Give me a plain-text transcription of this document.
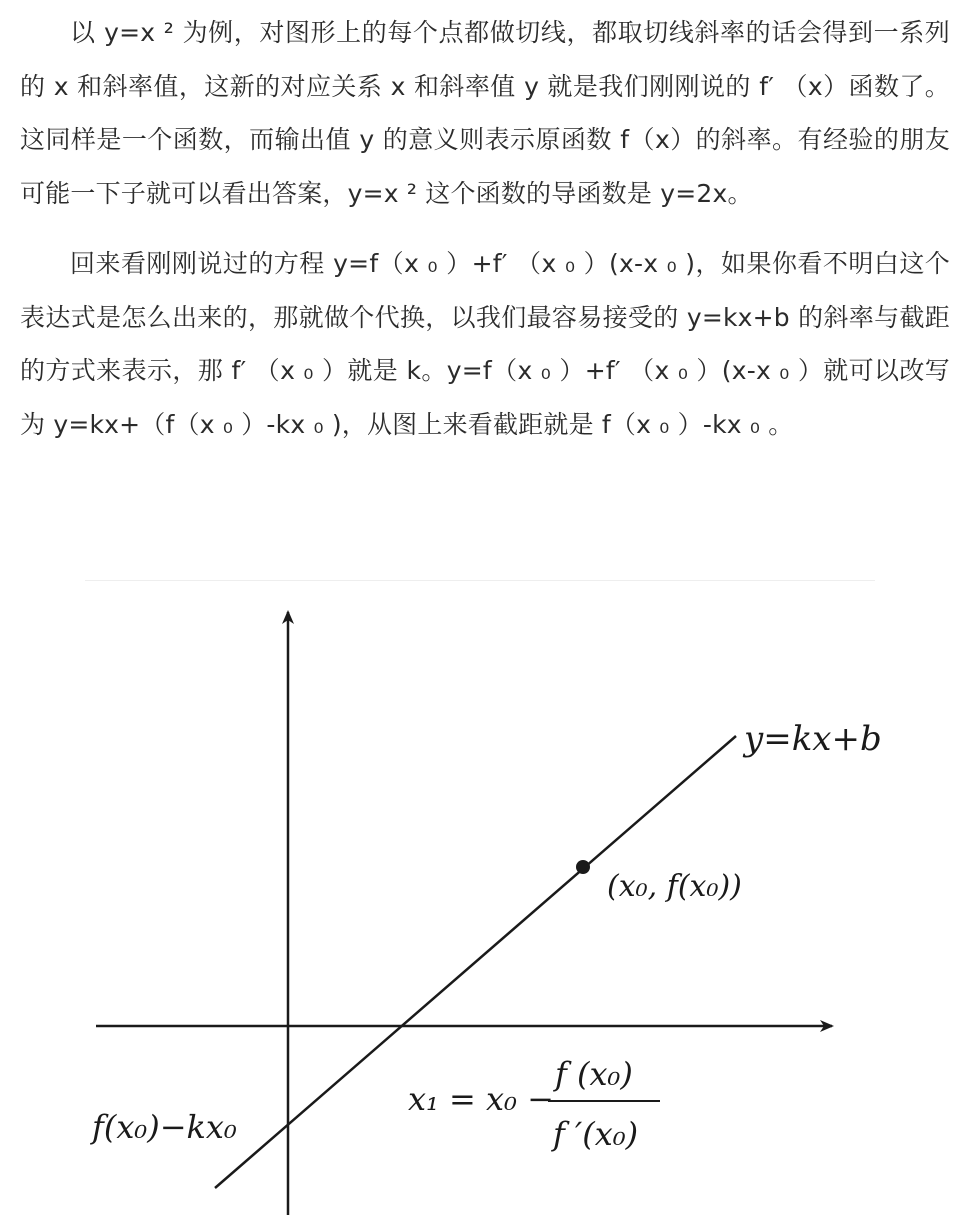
以 y=x ² 为例，对图形上的每个点都做切线，都取切线斜率的话会得到一系列的 x 和斜率值，这新的对应关系 x 和斜率值 y 就是我们刚刚说的 f′ （x）函数了。这同样是一个函数，而输出值 y 的意义则表示原函数 f（x）的斜率。有经验的朋友可能一下子就可以看出答案，y=x ² 这个函数的导函数是 y=2x。

回来看刚刚说过的方程 y=f（x ₀ ）+f′ （x ₀ ）(x-x ₀ )，如果你看不明白这个表达式是怎么出来的，那就做个代换，以我们最容易接受的 y=kx+b 的斜率与截距的方式来表示，那 f′ （x ₀ ）就是 k。y=f（x ₀ ）+f′ （x ₀ ）(x-x ₀ ）就可以改写为 y=kx+（f（x ₀ ）-kx ₀ )，从图上来看截距就是 f（x ₀ ）-kx ₀ 。

y=kx+b
(x₀, f(x₀))
f(x₀)−kx₀
x₁ = x₀ −
f (x₀)
f ′(x₀)
